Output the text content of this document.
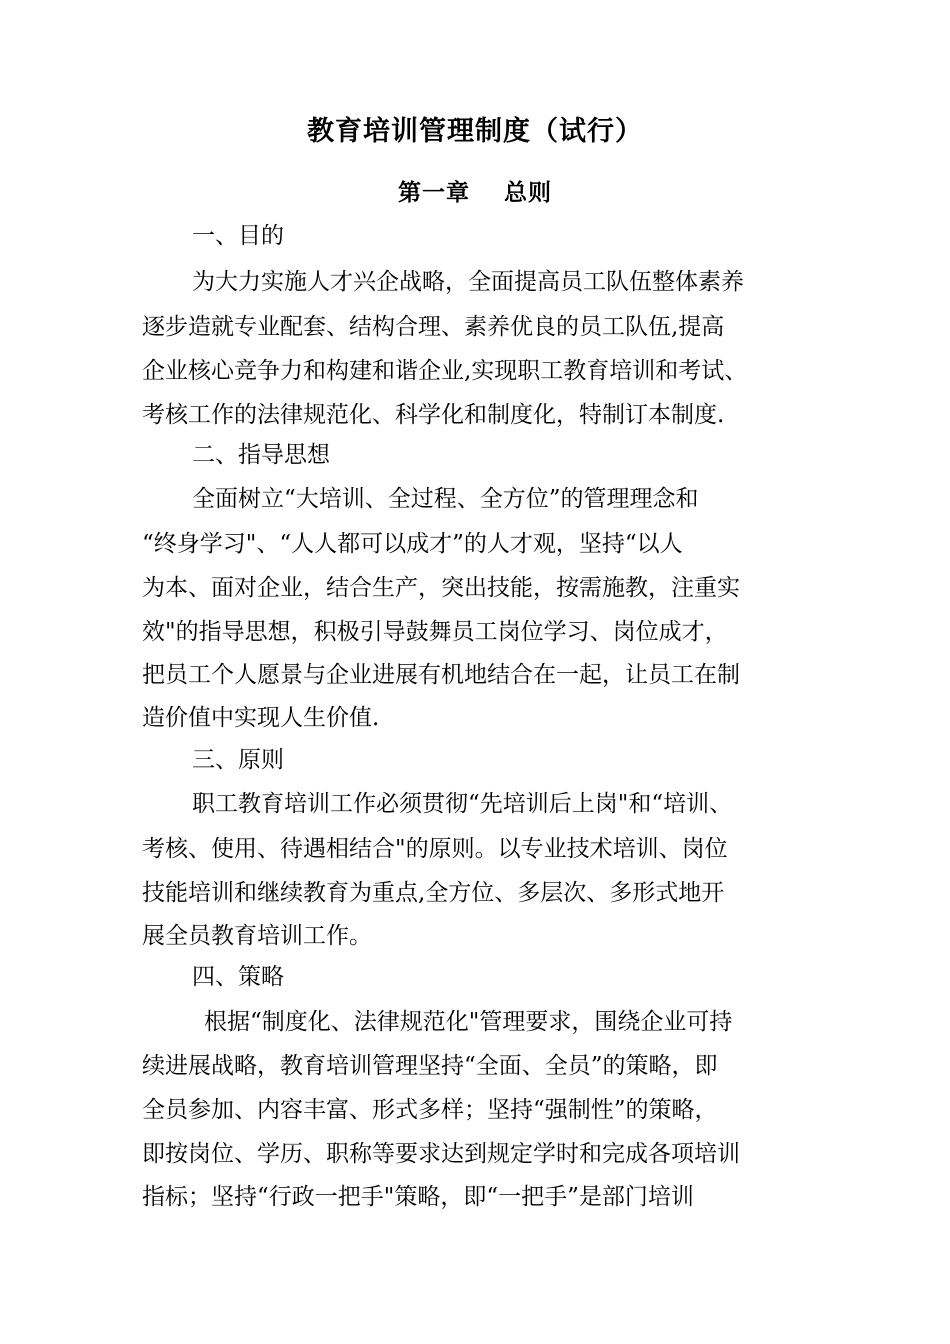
教育培训管理制度（试行）
第一章 总则

一、目的

为大力实施人才兴企战略，全面提高员工队伍整体素养

逐步造就专业配套、结构合理、素养优良的员工队伍,提高

企业核心竞争力和构建和谐企业,实现职工教育培训和考试、

考核工作的法律规范化、科学化和制度化，特制订本制度.

二、指导思想

全面树立“大培训、全过程、全方位”的管理理念和

“终身学习"、“人人都可以成才”的人才观，坚持“以人

为本、面对企业，结合生产，突出技能，按需施教，注重实

效"的指导思想，积极引导鼓舞员工岗位学习、岗位成才，

把员工个人愿景与企业进展有机地结合在一起，让员工在制

造价值中实现人生价值.

三、原则

职工教育培训工作必须贯彻“先培训后上岗"和“培训、

考核、使用、待遇相结合"的原则。以专业技术培训、岗位

技能培训和继续教育为重点,全方位、多层次、多形式地开

展全员教育培训工作。

四、策略

根据“制度化、法律规范化"管理要求，围绕企业可持

续进展战略，教育培训管理坚持“全面、全员”的策略，即

全员参加、内容丰富、形式多样；坚持“强制性”的策略，

即按岗位、学历、职称等要求达到规定学时和完成各项培训

指标；坚持“行政一把手"策略，即“一把手”是部门培训
